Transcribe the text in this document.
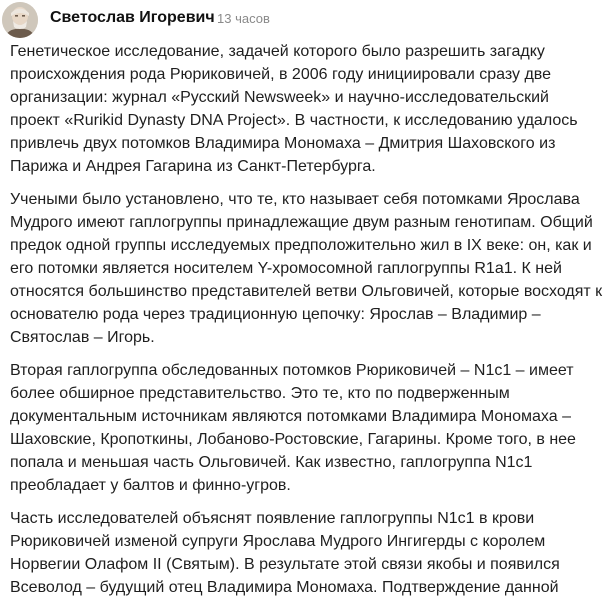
Светослав Игоревич 13 часов

Генетическое исследование, задачей которого было разрешить загадку
происхождения рода Рюриковичей, в 2006 году инициировали сразу две
организации: журнал «Русский Newsweek» и научно-исследовательский
проект «Rurikid Dynasty DNA Project». В частности, к исследованию удалось
привлечь двух потомков Владимира Мономаха – Дмитрия Шаховского из
Парижа и Андрея Гагарина из Санкт-Петербурга.

Учеными было установлено, что те, кто называет себя потомками Ярослава
Мудрого имеют гаплогруппы принадлежащие двум разным генотипам. Общий
предок одной группы исследуемых предположительно жил в IX веке: он, как и
его потомки является носителем Y-хромосомной гаплогруппы R1a1. К ней
относятся большинство представителей ветви Ольговичей, которые восходят к
основателю рода через традиционную цепочку: Ярослав – Владимир –
Святослав – Игорь.

Вторая гаплогруппа обследованных потомков Рюриковичей – N1c1 – имеет
более обширное представительство. Это те, кто по подверженным
документальным источникам являются потомками Владимира Мономаха –
Шаховские, Кропоткины, Лобаново-Ростовские, Гагарины. Кроме того, в нее
попала и меньшая часть Ольговичей. Как известно, гаплогруппа N1c1
преобладает у балтов и финно-угров.

Часть исследователей объяснят появление гаплогруппы N1c1 в крови
Рюриковичей изменой супруги Ярослава Мудрого Ингигерды с королем
Норвегии Олафом II (Святым). В результате этой связи якобы и появился
Всеволод – будущий отец Владимира Мономаха. Подтверждение данной
